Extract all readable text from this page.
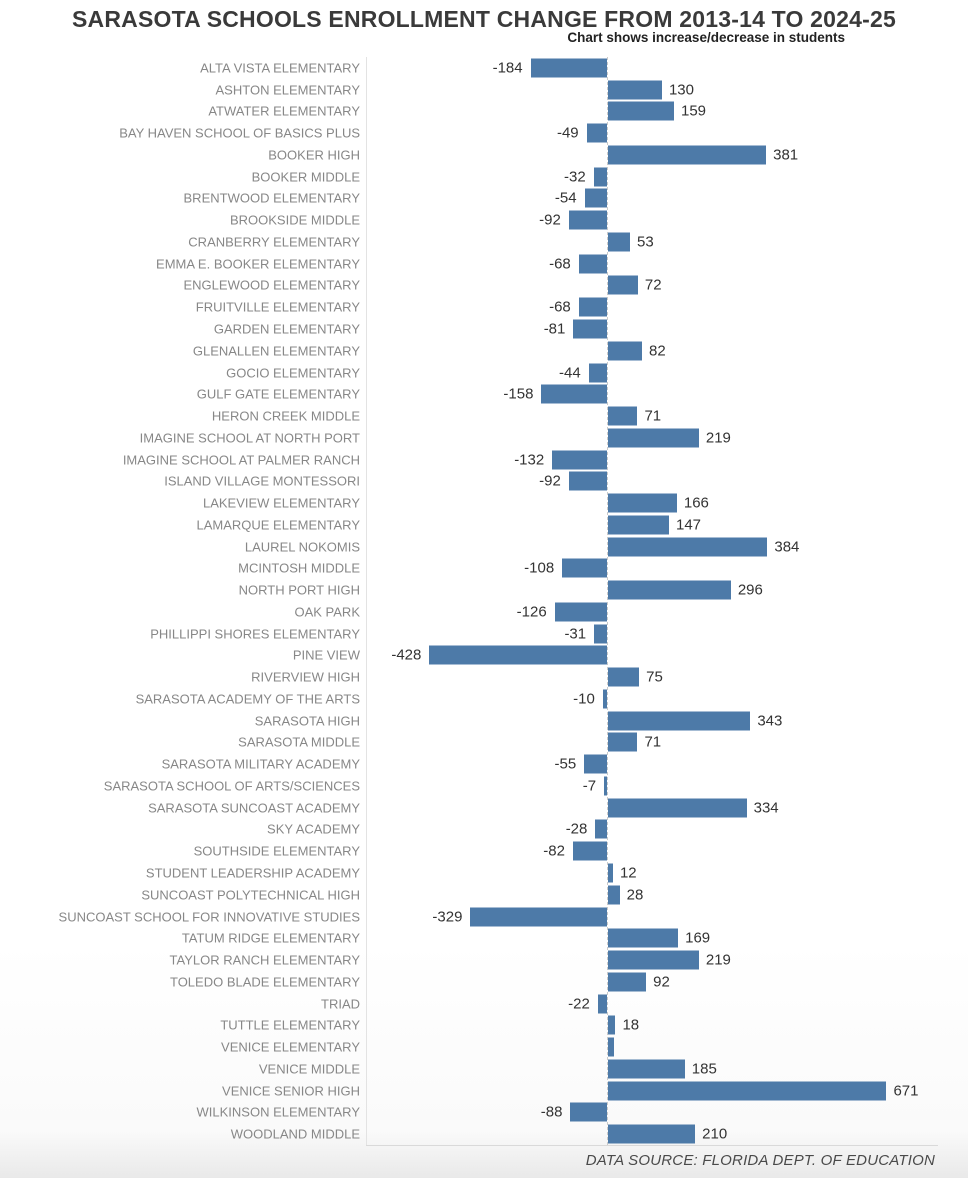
SARASOTA SCHOOLS ENROLLMENT CHANGE FROM 2013-14 TO 2024-25
Chart shows increase/decrease in students
ALTA VISTA ELEMENTARY	-184
ASHTON ELEMENTARY	130
ATWATER ELEMENTARY	159
BAY HAVEN SCHOOL OF BASICS PLUS	-49
BOOKER HIGH	381
BOOKER MIDDLE	-32
BRENTWOOD ELEMENTARY	-54
BROOKSIDE MIDDLE	-92
CRANBERRY ELEMENTARY	53
EMMA E. BOOKER ELEMENTARY	-68
ENGLEWOOD ELEMENTARY	72
FRUITVILLE ELEMENTARY	-68
GARDEN ELEMENTARY	-81
GLENALLEN ELEMENTARY	82
GOCIO ELEMENTARY	-44
GULF GATE ELEMENTARY	-158
HERON CREEK MIDDLE	71
IMAGINE SCHOOL AT NORTH PORT	219
IMAGINE SCHOOL AT PALMER RANCH	-132
ISLAND VILLAGE MONTESSORI	-92
LAKEVIEW ELEMENTARY	166
LAMARQUE ELEMENTARY	147
LAUREL NOKOMIS	384
MCINTOSH MIDDLE	-108
NORTH PORT HIGH	296
OAK PARK	-126
PHILLIPPI SHORES ELEMENTARY	-31
PINE VIEW -428
RIVERVIEW HIGH	75
SARASOTA ACADEMY OF THE ARTS	-10
SARASOTA HIGH	343
SARASOTA MIDDLE	71
SARASOTA MILITARY ACADEMY	-55
SARASOTA SCHOOL OF ARTS/SCIENCES	-7
SARASOTA SUNCOAST ACADEMY	334
SKY ACADEMY	-28
SOUTHSIDE ELEMENTARY	-82
STUDENT LEADERSHIP ACADEMY	12
SUNCOAST POLYTECHNICAL HIGH	28
SUNCOAST SCHOOL FOR INNOVATIVE STUDIES	-329
TATUM RIDGE ELEMENTARY	169
TAYLOR RANCH ELEMENTARY	219
TOLEDO BLADE ELEMENTARY	92
TRIAD	-22
TUTTLE ELEMENTARY	18
VENICE ELEMENTARY
VENICE MIDDLE	185
VENICE SENIOR HIGH	671
WILKINSON ELEMENTARY	-88
WOODLAND MIDDLE	210
DATA SOURCE: FLORIDA DEPT. OF EDUCATION
